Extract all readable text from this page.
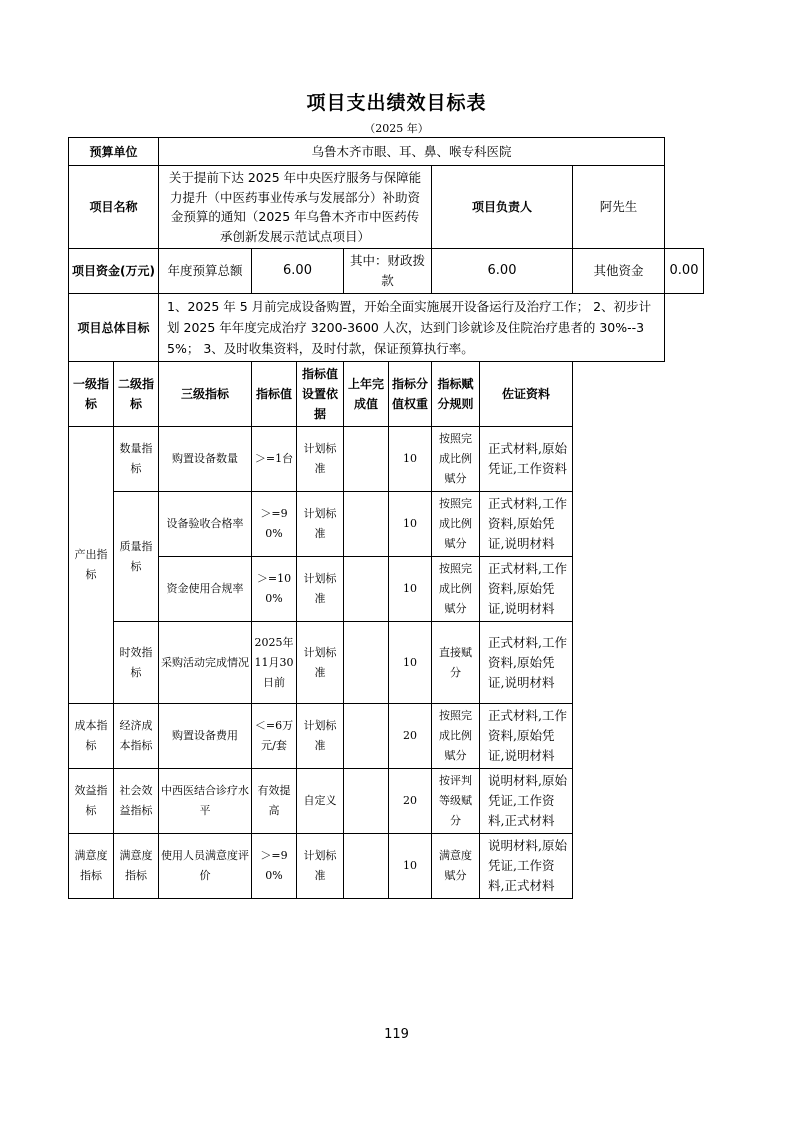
项目支出绩效目标表
（2025 年）
预算单位		乌鲁木齐市眼、耳、鼻、喉专科医院								
项目名称		关于提前下达 2025 年中央医疗服务与保障能力提升（中医药事业传承与发展部分）补助资金预算的通知（2025 年乌鲁木齐市中医药传承创新发展示范试点项目）					项目负责人		阿先生	
项目资金(万元)		年度预算总额	6.00		其中：财政拨款		6.00		其他资金	0.00
项目总体目标		1、2025 年 5 月前完成设备购置，开始全面实施展开设备运行及治疗工作； 2、初步计划 2025 年年度完成治疗 3200-3600 人次，达到门诊就诊及住院治疗患者的 30%--35%； 3、及时收集资料，及时付款，保证预算执行率。								
一级指标	二级指标	三级指标	指标值	指标值设置依据	上年完成值	指标分值权重	指标赋分规则	佐证资料		
产出指标	数量指标	购置设备数量	＞=1台	计划标准		10	按照完成比例赋分	正式材料,原始凭证,工作资料		
	质量指标	设备验收合格率	＞=90%	计划标准		10	按照完成比例赋分	正式材料,工作资料,原始凭证,说明材料		
		资金使用合规率	＞=100%	计划标准		10	按照完成比例赋分	正式材料,工作资料,原始凭证,说明材料		
	时效指标	采购活动完成情况	2025年11月30日前	计划标准		10	直接赋分	正式材料,工作资料,原始凭证,说明材料		

成本指标	经济成本指标	购置设备费用	＜=6万元/套	计划标准		20	按照完成比例赋分	正式材料,工作资料,原始凭证,说明材料		
效益指标	社会效益指标	中西医结合诊疗水平	有效提高	自定义		20	按评判等级赋分	说明材料,原始凭证,工作资料,正式材料		
满意度指标	满意度指标	使用人员满意度评价	＞=90%	计划标准		10	满意度赋分	说明材料,原始凭证,工作资料,正式材料		
119
